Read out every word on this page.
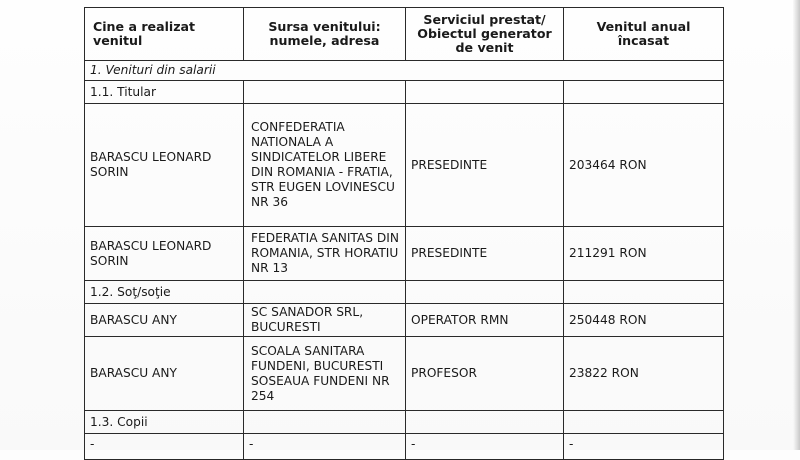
Cine a realizat venitul	Sursa venitului: numele, adresa	Serviciul prestat/ Obiectul generator de venit	Venitul anual încasat
1. Venituri din salarii			
1.1. Titular			
BARASCU LEONARD SORIN	CONFEDERATIA NATIONALA A SINDICATELOR LIBERE DIN ROMANIA - FRATIA, STR EUGEN LOVINESCU NR 36	PRESEDINTE	203464 RON
BARASCU LEONARD SORIN	FEDERATIA SANITAS DIN ROMANIA, STR HORATIU NR 13	PRESEDINTE	211291 RON
1.2. Soţ/soţie			
BARASCU ANY	SC SANADOR SRL, BUCURESTI	OPERATOR RMN	250448 RON
BARASCU ANY	SCOALA SANITARA FUNDENI, BUCURESTI SOSEAUA FUNDENI NR 254	PROFESOR	23822 RON
1.3. Copii			
-	-	-	-
